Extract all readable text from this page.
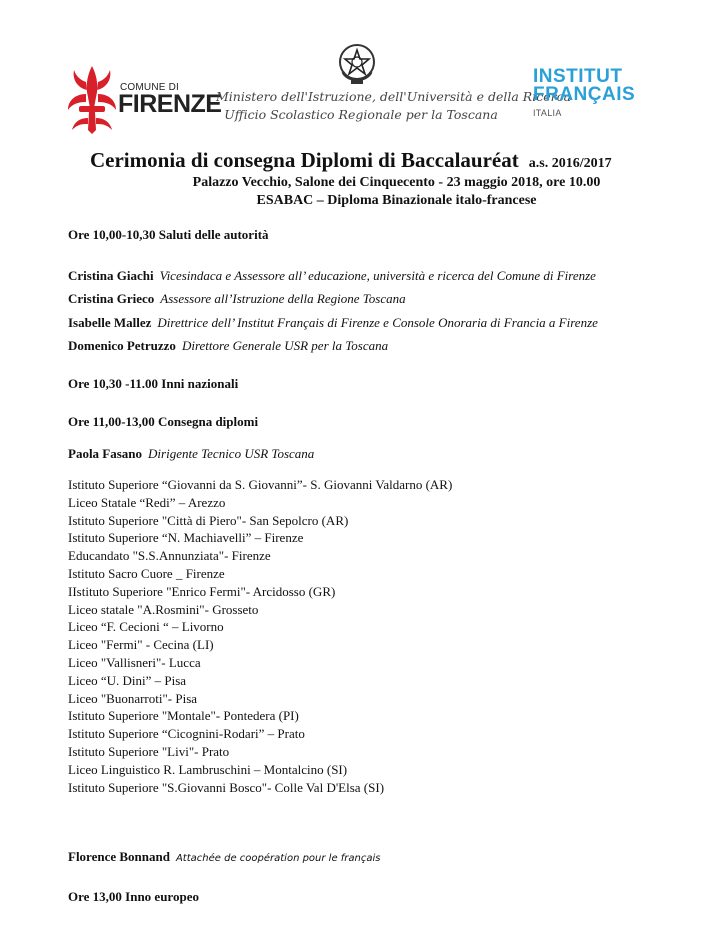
COMUNE DI
FIRENZE
Ministero dell'Istruzione, dell'Università e della Ricerca
Ufficio Scolastico Regionale per la Toscana
INSTITUT
FRANÇAIS
ITALIA
Cerimonia di consegna Diplomi di Baccalauréat a.s. 2016/2017
Palazzo Vecchio, Salone dei Cinquecento - 23 maggio 2018, ore 10.00
ESABAC – Diploma Binazionale italo-francese
Ore 10,00-10,30 Saluti delle autorità
Cristina Giachi Vicesindaca e Assessore all’ educazione, università e ricerca del Comune di Firenze
Cristina Grieco Assessore all’Istruzione della Regione Toscana
Isabelle Mallez Direttrice dell’ Institut Français di Firenze e Console Onoraria di Francia a Firenze
Domenico Petruzzo Direttore Generale USR per la Toscana
Ore 10,30 -11.00 Inni nazionali
Ore 11,00-13,00 Consegna diplomi
Paola Fasano Dirigente Tecnico USR Toscana
Istituto Superiore “Giovanni da S. Giovanni”- S. Giovanni Valdarno (AR)
Liceo Statale “Redi” – Arezzo
Istituto Superiore "Città di Piero"- San Sepolcro (AR)
Istituto Superiore “N. Machiavelli” – Firenze
Educandato "S.S.Annunziata"- Firenze
Istituto Sacro Cuore _ Firenze
IIstituto Superiore "Enrico Fermi"- Arcidosso (GR)
Liceo statale "A.Rosmini"- Grosseto
Liceo “F. Cecioni “ – Livorno
Liceo "Fermi" - Cecina (LI)
Liceo "Vallisneri"- Lucca
Liceo “U. Dini” – Pisa
Liceo "Buonarroti"- Pisa
Istituto Superiore "Montale"- Pontedera (PI)
Istituto Superiore “Cicognini-Rodari” – Prato
Istituto Superiore "Livi"- Prato
Liceo Linguistico R. Lambruschini – Montalcino (SI)
Istituto Superiore "S.Giovanni Bosco"- Colle Val D'Elsa (SI)
Florence Bonnand Attachée de coopération pour le français
Ore 13,00 Inno europeo
